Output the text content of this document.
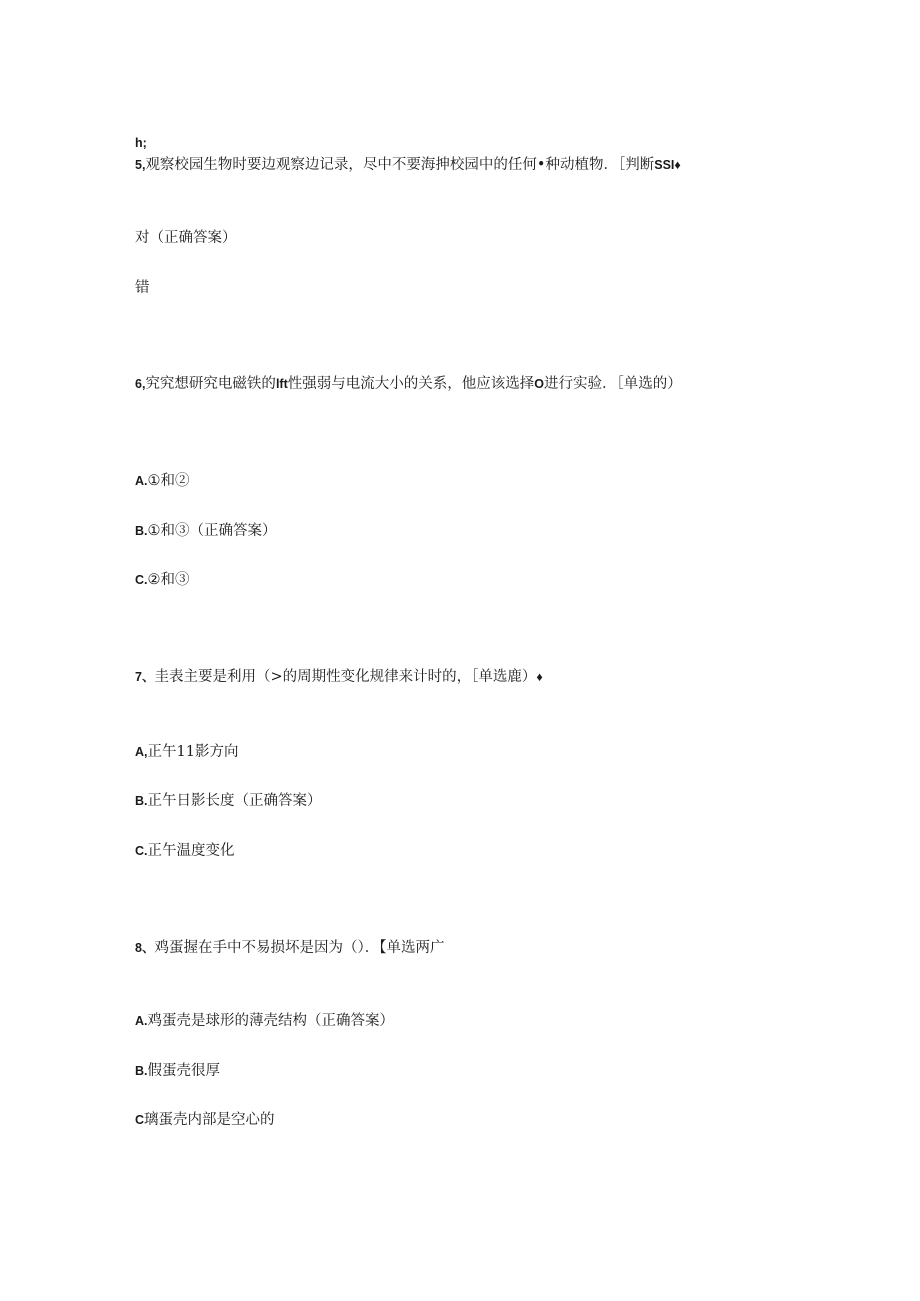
h;
5,观察校园生物时要边观察边记录，尽中不要海抻校园中的任何•种动植物．［判断SSI♦
对（正确答案）
错
6,究究想研究电磁铁的lft性强弱与电流大小的关系，他应该选择O进行实验．［单选的）
A.①和②
B.①和③（正确答案）
C.②和③
7、圭表主要是利用（>的周期性变化规律来计时的，［单选鹿）♦
A,正午11影方向
B.正午日影长度（正确答案）
C.正午温度变化
8、鸡蛋握在手中不易损坏是因为（）．【单选两广
A.鸡蛋壳是球形的薄壳结构（正确答案）
B.假蛋壳很厚
C璃蛋壳内部是空心的
